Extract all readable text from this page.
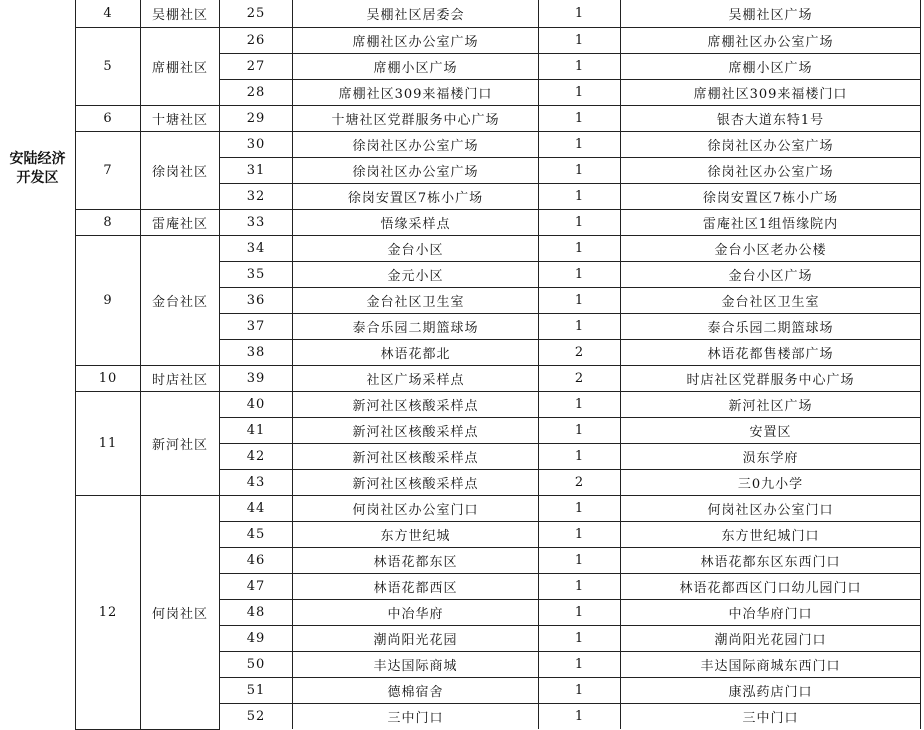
安陆经济
开发区
4	吴棚社区	25	吴棚社区居委会	1	吴棚社区广场
5	席棚社区	26	席棚社区办公室广场	1	席棚社区办公室广场
		27	席棚小区广场	1	席棚小区广场
		28	席棚社区309来福楼门口	1	席棚社区309来福楼门口
6	十塘社区	29	十塘社区党群服务中心广场	1	银杏大道东特1号
7	徐岗社区	30	徐岗社区办公室广场	1	徐岗社区办公室广场
		31	徐岗社区办公室广场	1	徐岗社区办公室广场
		32	徐岗安置区7栋小广场	1	徐岗安置区7栋小广场
8	雷庵社区	33	悟缘采样点	1	雷庵社区1组悟缘院内
9	金台社区	34	金台小区	1	金台小区老办公楼
		35	金元小区	1	金台小区广场
		36	金台社区卫生室	1	金台社区卫生室
		37	泰合乐园二期篮球场	1	泰合乐园二期篮球场
		38	林语花都北	2	林语花都售楼部广场
10	时店社区	39	社区广场采样点	2	时店社区党群服务中心广场
11	新河社区	40	新河社区核酸采样点	1	新河社区广场
		41	新河社区核酸采样点	1	安置区
		42	新河社区核酸采样点	1	涢东学府
		43	新河社区核酸采样点	2	三0九小学
12	何岗社区	44	何岗社区办公室门口	1	何岗社区办公室门口
		45	东方世纪城	1	东方世纪城门口
		46	林语花都东区	1	林语花都东区东西门口
		47	林语花都西区	1	林语花都西区门口幼儿园门口
		48	中冶华府	1	中冶华府门口
		49	潮尚阳光花园	1	潮尚阳光花园门口
		50	丰达国际商城	1	丰达国际商城东西门口
		51	德棉宿舍	1	康泓药店门口
		52	三中门口	1	三中门口
